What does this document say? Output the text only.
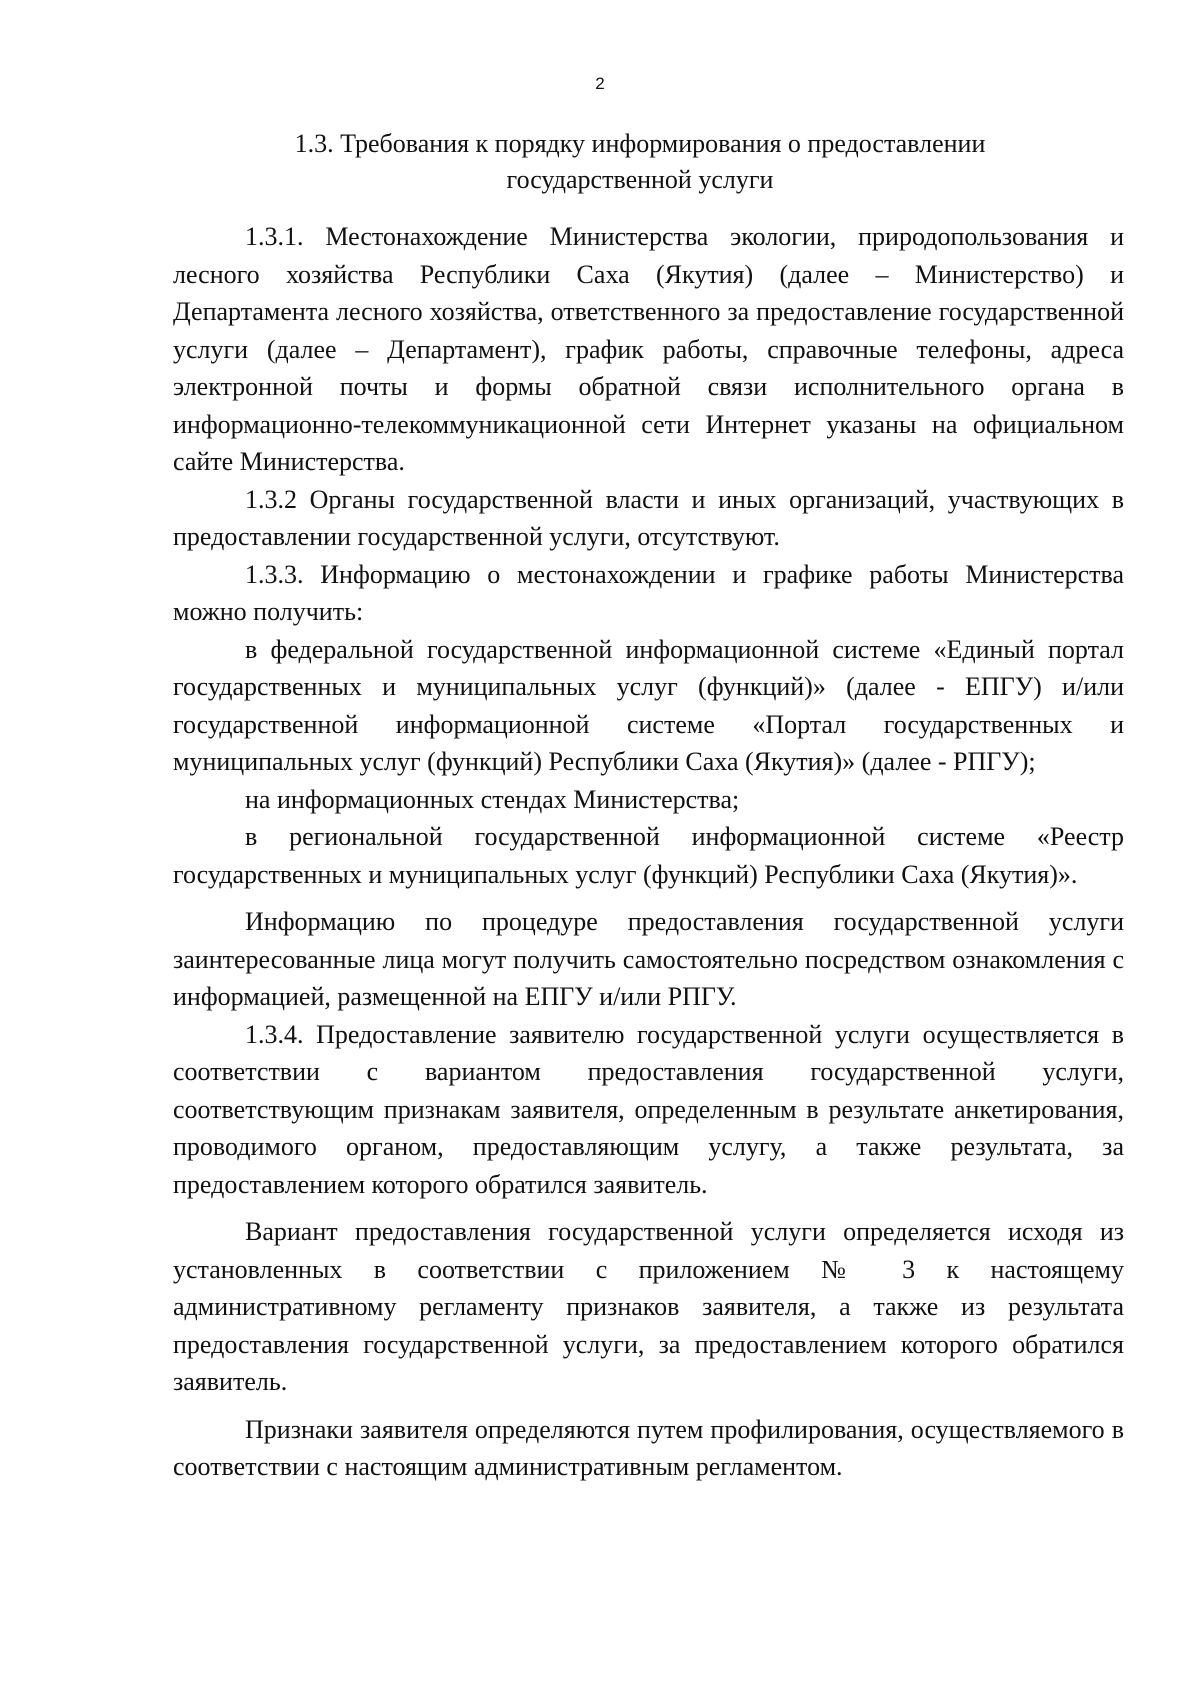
2
1.3. Требования к порядку информирования о предоставлении
государственной услуги

1.3.1. Местонахождение Министерства экологии, природопользования и лесного хозяйства Республики Саха (Якутия) (далее – Министерство) и Департамента лесного хозяйства, ответственного за предоставление государственной услуги (далее – Департамент), график работы, справочные телефоны, адреса электронной почты и формы обратной связи исполнительного органа в информационно-телекоммуникационной сети Интернет указаны на официальном сайте Министерства.

1.3.2 Органы государственной власти и иных организаций, участвующих в предоставлении государственной услуги, отсутствуют.

1.3.3. Информацию о местонахождении и графике работы Министерства можно получить:

в федеральной государственной информационной системе «Единый портал государственных и муниципальных услуг (функций)» (далее - ЕПГУ) и/или государственной информационной системе «Портал государственных и муниципальных услуг (функций) Республики Саха (Якутия)» (далее - РПГУ);

на информационных стендах Министерства;

в региональной государственной информационной системе «Реестр государственных и муниципальных услуг (функций) Республики Саха (Якутия)».

Информацию по процедуре предоставления государственной услуги заинтересованные лица могут получить самостоятельно посредством ознакомления с информацией, размещенной на ЕПГУ и/или РПГУ.

1.3.4. Предоставление заявителю государственной услуги осуществляется в соответствии с вариантом предоставления государственной услуги, соответствующим признакам заявителя, определенным в результате анкетирования, проводимого органом, предоставляющим услугу, а также результата, за предоставлением которого обратился заявитель.

Вариант предоставления государственной услуги определяется исходя из установленных в соответствии с приложением № 3 к настоящему административному регламенту признаков заявителя, а также из результата предоставления государственной услуги, за предоставлением которого обратился заявитель.

Признаки заявителя определяются путем профилирования, осуществляемого в соответствии с настоящим административным регламентом.
